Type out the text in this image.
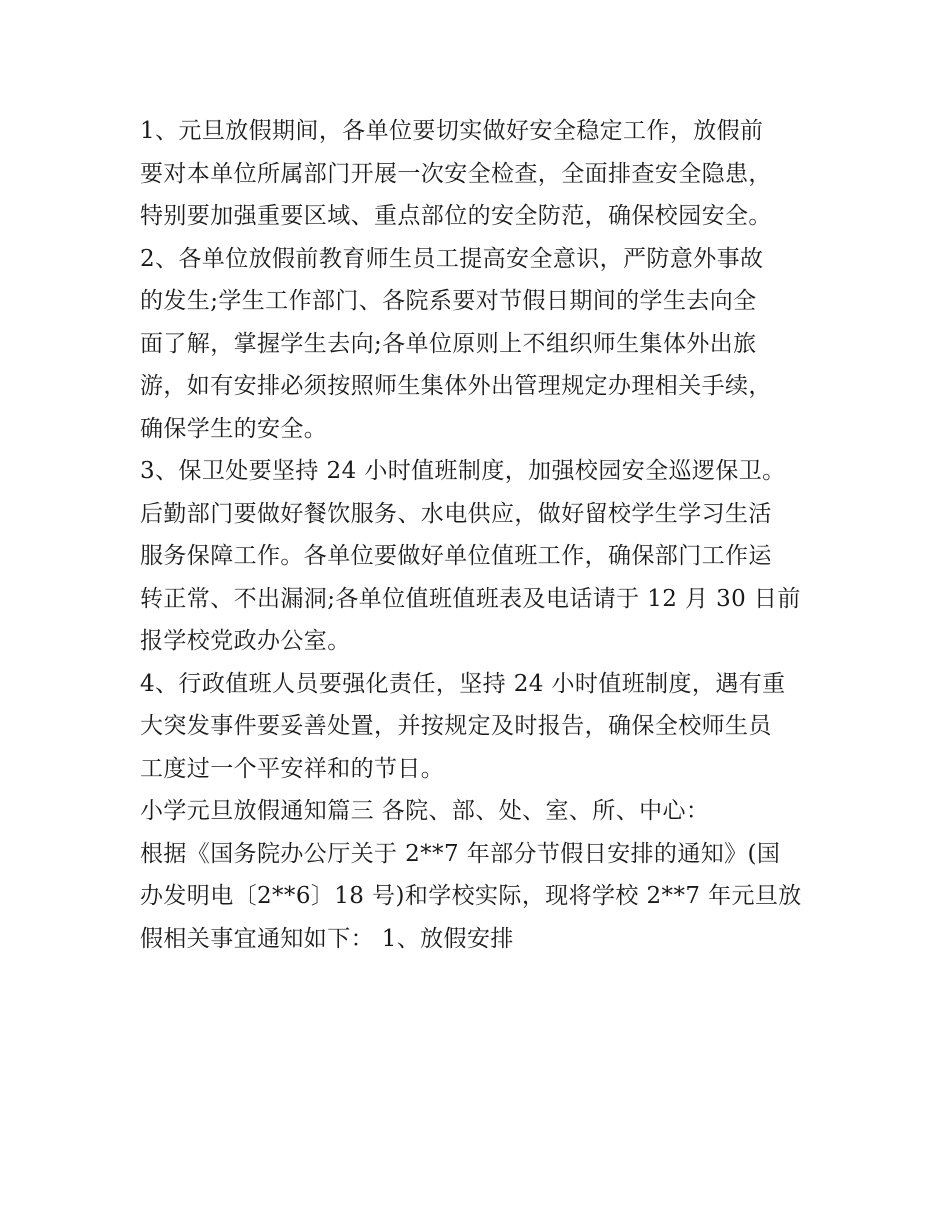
1、元旦放假期间，各单位要切实做好安全稳定工作，放假前
要对本单位所属部门开展一次安全检查，全面排查安全隐患，
特别要加强重要区域、重点部位的安全防范，确保校园安全。
2、各单位放假前教育师生员工提高安全意识，严防意外事故
的发生;学生工作部门、各院系要对节假日期间的学生去向全
面了解，掌握学生去向;各单位原则上不组织师生集体外出旅
游，如有安排必须按照师生集体外出管理规定办理相关手续，
确保学生的安全。
3、保卫处要坚持 24 小时值班制度，加强校园安全巡逻保卫。
后勤部门要做好餐饮服务、水电供应，做好留校学生学习生活
服务保障工作。各单位要做好单位值班工作，确保部门工作运
转正常、不出漏洞;各单位值班值班表及电话请于 12 月 30 日前
报学校党政办公室。
4、行政值班人员要强化责任，坚持 24 小时值班制度，遇有重
大突发事件要妥善处置，并按规定及时报告，确保全校师生员
工度过一个平安祥和的节日。
小学元旦放假通知篇三 各院、部、处、室、所、中心：
根据《国务院办公厅关于 2**7 年部分节假日安排的通知》(国
办发明电〔2**6〕18 号)和学校实际，现将学校 2**7 年元旦放
假相关事宜通知如下： 1、放假安排
